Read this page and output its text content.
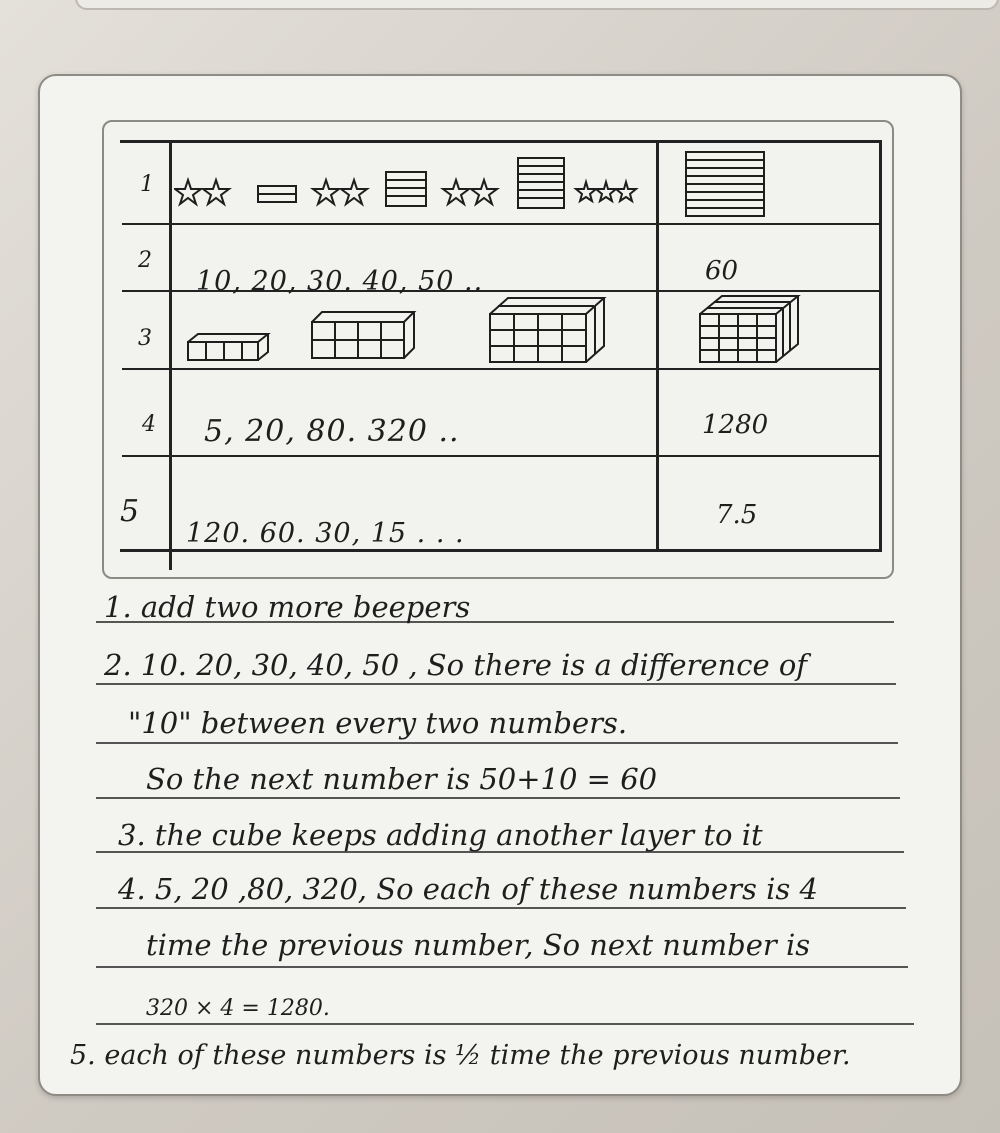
1
2
3
4
5
10, 20, 30. 40, 50 ..	60
5, 20, 80. 320 ..	1280
120. 60. 30, 15 . . .
7.5
1. add two more beepers
2. 10. 20, 30, 40, 50 , So there is a difference of
"10" between every two numbers.
So the next number is 50+10 = 60
3. the cube keeps adding another layer to it
4. 5, 20 ,80, 320, So each of these numbers is 4
time the previous number, So next number is
320 × 4 = 1280.
5. each of these numbers is ½ time the previous number.
